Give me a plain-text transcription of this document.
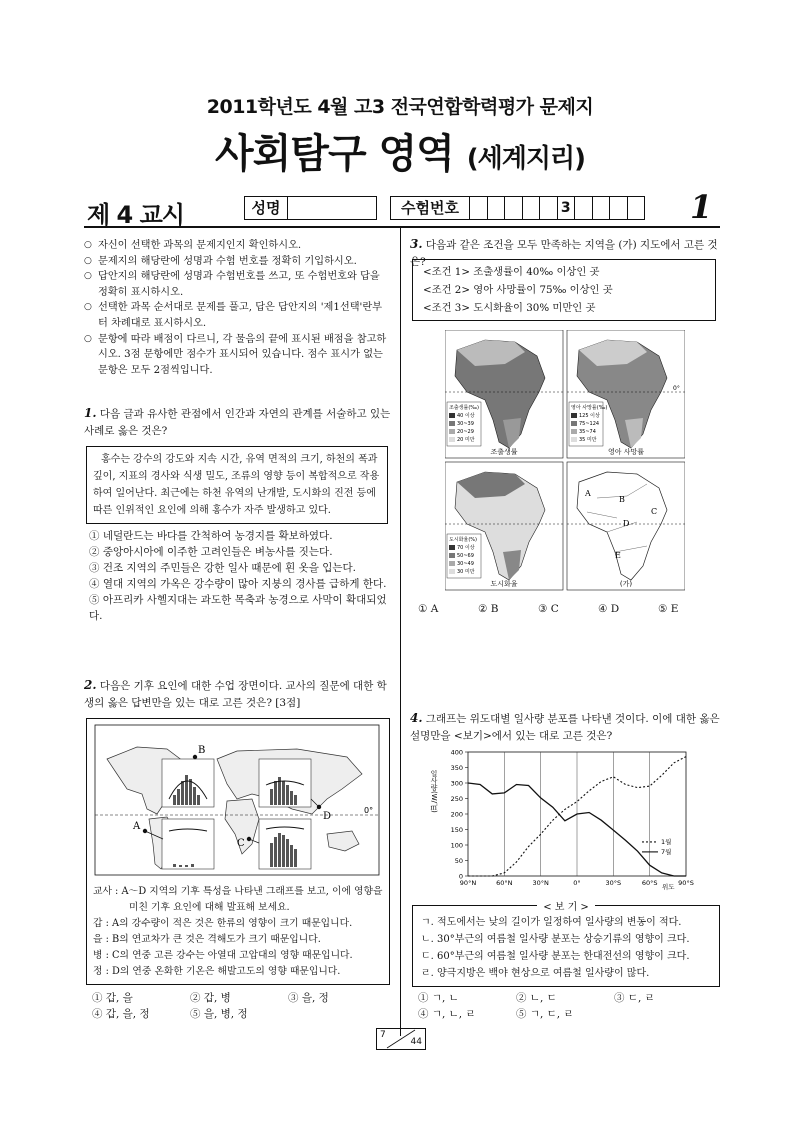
2011학년도 4월 고3 전국연합학력평가 문제지
사회탐구 영역 (세계지리)
제 4 교시	성명	수험번호	3	1
○ 자신이 선택한 과목의 문제지인지 확인하시오.
○ 문제지의 해당란에 성명과 수험 번호를 정확히 기입하시오.
○ 답안지의 해당란에 성명과 수험번호를 쓰고, 또 수험번호와 답을 정확히 표시하시오.
○ 선택한 과목 순서대로 문제를 풀고, 답은 답안지의 '제1선택'란부터 차례대로 표시하시오.
○ 문항에 따라 배점이 다르니, 각 물음의 끝에 표시된 배점을 참고하시오. 3점 문항에만 점수가 표시되어 있습니다. 점수 표시가 없는 문항은 모두 2점씩입니다.
1. 다음 글과 유사한 관점에서 인간과 자연의 관계를 서술하고 있는 사례로 옳은 것은?
홍수는 강수의 강도와 지속 시간, 유역 면적의 크기, 하천의 폭과 깊이, 지표의 경사와 식생 밀도, 조류의 영향 등이 복합적으로 작용하여 일어난다. 최근에는 하천 유역의 난개발, 도시화의 진전 등에 따른 인위적인 요인에 의해 홍수가 자주 발생하고 있다.
① 네덜란드는 바다를 간척하여 농경지를 확보하였다.
② 중앙아시아에 이주한 고려인들은 벼농사를 짓는다.
③ 건조 지역의 주민들은 강한 일사 때문에 흰 옷을 입는다.
④ 열대 지역의 가옥은 강수량이 많아 지붕의 경사를 급하게 한다.
⑤ 아프리카 사헬지대는 과도한 목축과 농경으로 사막이 확대되었다.
2. 다음은 기후 요인에 대한 수업 장면이다. 교사의 질문에 대한 학생의 옳은 답변만을 있는 대로 고른 것은? [3점]
A
B
C
D
0°
교사 : A～D 지역의 기후 특성을 나타낸 그래프를 보고, 이에 영향을 미친 기후 요인에 대해 발표해 보세요.
갑 : A의 강수량이 적은 것은 한류의 영향이 크기 때문입니다.
을 : B의 연교차가 큰 것은 격해도가 크기 때문입니다.
병 : C의 연중 고른 강수는 아열대 고압대의 영향 때문입니다.
정 : D의 연중 온화한 기온은 해발고도의 영향 때문입니다.
① 갑, 을	② 갑, 병	③ 을, 정
④ 갑, 을, 정	⑤ 을, 병, 정
3. 다음과 같은 조건을 모두 만족하는 지역을 (가) 지도에서 고른 것은?
<조건 1> 조출생률이 40‰ 이상인 곳
<조건 2> 영아 사망률이 75‰ 이상인 곳
<조건 3> 도시화율이 30% 미만인 곳
조출생률(‰)
40 이상
30~39
20~29
20 미만
조출생률
0°
영아 사망률(‰)
125 이상
75~124
35~74
35 미만
영아 사망률
도시화율(%)
70 이상
50~69
30~49
30 미만
도시화율
A
B
C
D
E
(가)
① A	② B	③ C	④ D	⑤ E
4. 그래프는 위도대별 일사량 분포를 나타낸 것이다. 이에 대한 옳은 설명만을 <보기>에서 있는 대로 고른 것은?
일사량(W/㎡)
위도
90°N	60°N	30°N	0°	30°S	60°S	90°S
0
50
100
150
200
250
300
350
400
1월
7월
< 보 기 >
ㄱ. 적도에서는 낮의 길이가 일정하여 일사량의 변동이 적다.
ㄴ. 30°부근의 여름철 일사량 분포는 상승기류의 영향이 크다.
ㄷ. 60°부근의 여름철 일사량 분포는 한대전선의 영향이 크다.
ㄹ. 양극지방은 백야 현상으로 여름철 일사량이 많다.
① ㄱ, ㄴ	② ㄴ, ㄷ	③ ㄷ, ㄹ
④ ㄱ, ㄴ, ㄹ	⑤ ㄱ, ㄷ, ㄹ
7
44
